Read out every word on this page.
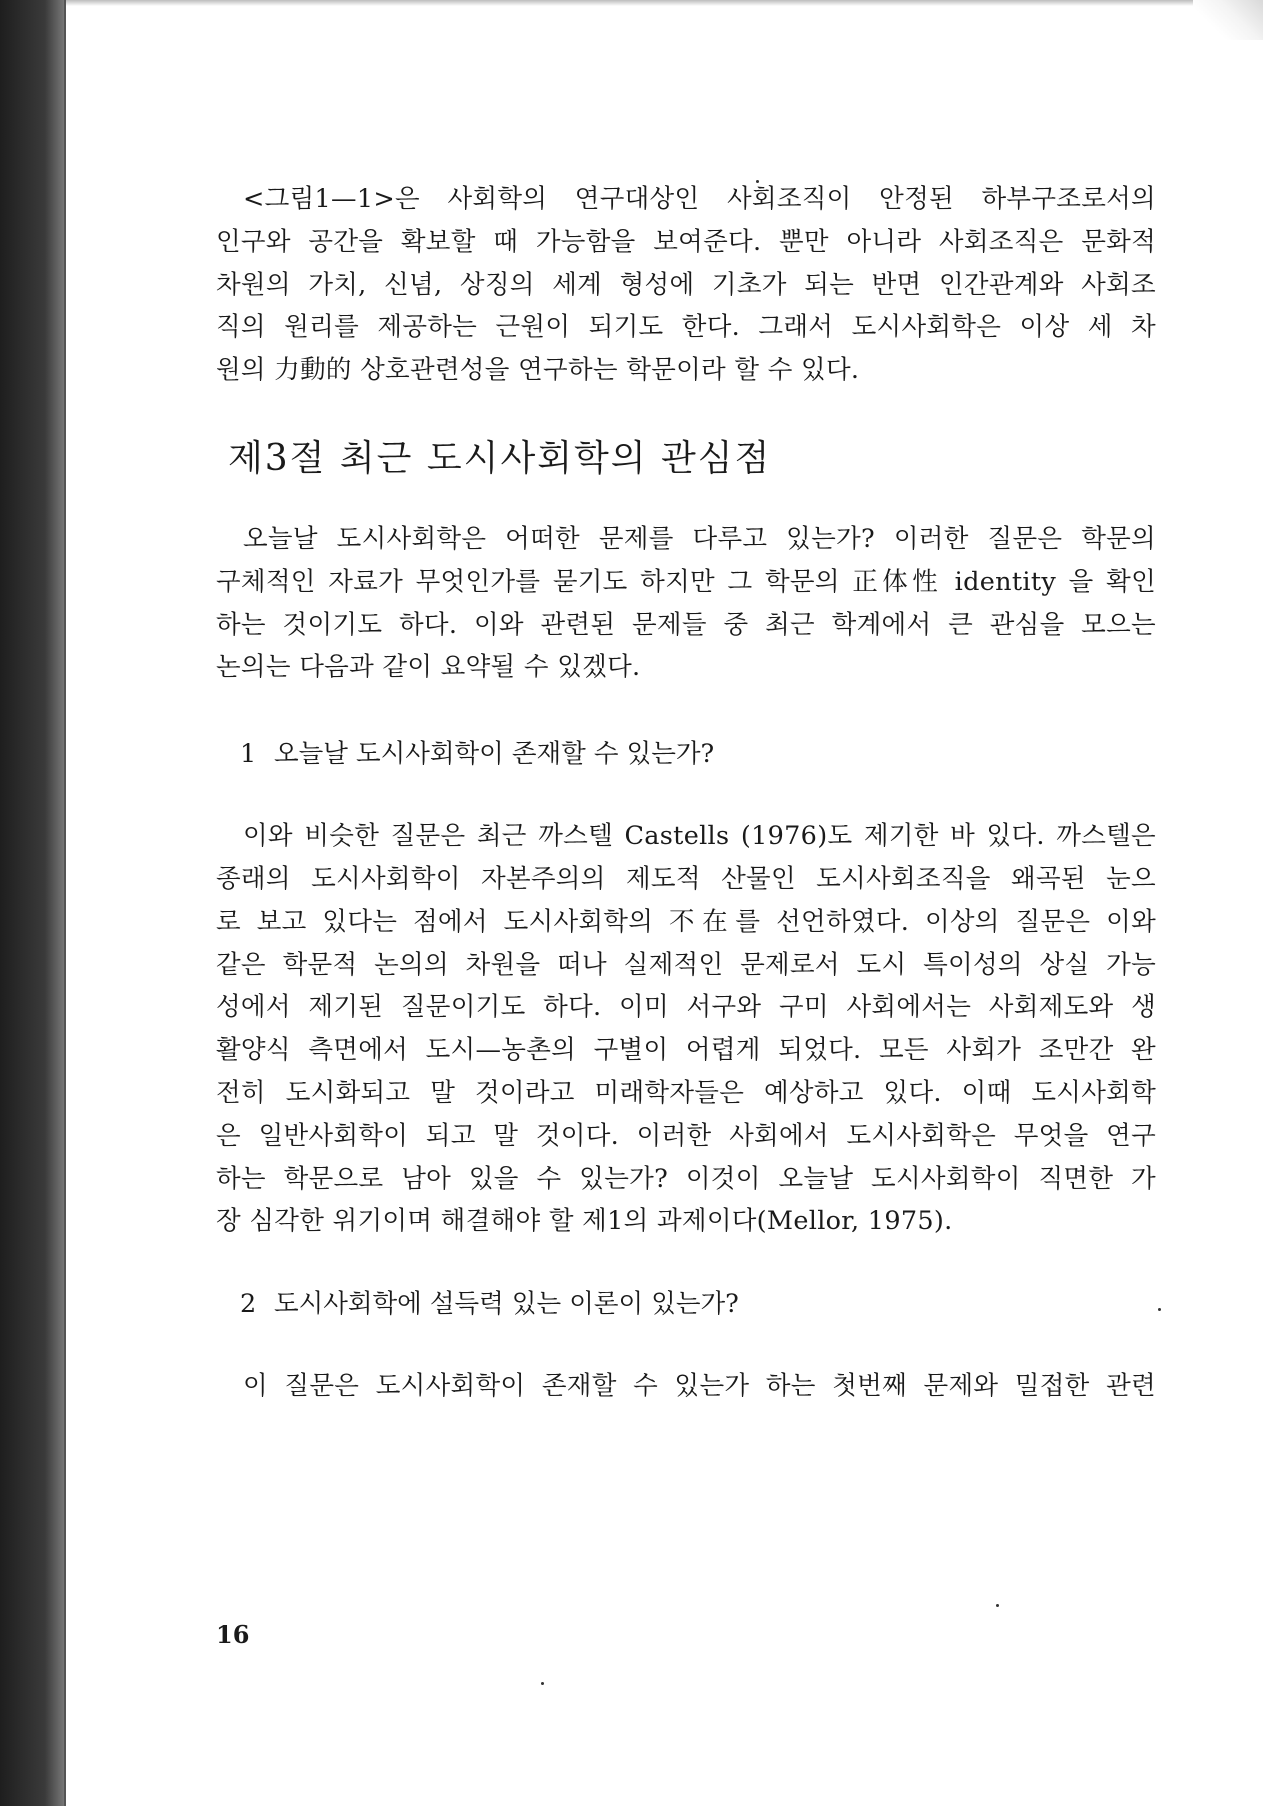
<그림1—1>은 사회학의 연구대상인 사회조직이 안정된 하부구조로서의
인구와 공간을 확보할 때 가능함을 보여준다. 뿐만 아니라 사회조직은 문화적
차원의 가치, 신념, 상징의 세계 형성에 기초가 되는 반면 인간관계와 사회조
직의 원리를 제공하는 근원이 되기도 한다. 그래서 도시사회학은 이상 세 차
원의 力動的 상호관련성을 연구하는 학문이라 할 수 있다.

제3절 최근 도시사회학의 관심점

오늘날 도시사회학은 어떠한 문제를 다루고 있는가? 이러한 질문은 학문의
구체적인 자료가 무엇인가를 묻기도 하지만 그 학문의 正体性 identity 을 확인
하는 것이기도 하다. 이와 관련된 문제들 중 최근 학계에서 큰 관심을 모으는
논의는 다음과 같이 요약될 수 있겠다.

1 오늘날 도시사회학이 존재할 수 있는가?

이와 비슷한 질문은 최근 까스텔 Castells (1976)도 제기한 바 있다. 까스텔은
종래의 도시사회학이 자본주의의 제도적 산물인 도시사회조직을 왜곡된 눈으
로 보고 있다는 점에서 도시사회학의 不在를 선언하였다. 이상의 질문은 이와
같은 학문적 논의의 차원을 떠나 실제적인 문제로서 도시 특이성의 상실 가능
성에서 제기된 질문이기도 하다. 이미 서구와 구미 사회에서는 사회제도와 생
활양식 측면에서 도시—농촌의 구별이 어렵게 되었다. 모든 사회가 조만간 완
전히 도시화되고 말 것이라고 미래학자들은 예상하고 있다. 이때 도시사회학
은 일반사회학이 되고 말 것이다. 이러한 사회에서 도시사회학은 무엇을 연구
하는 학문으로 남아 있을 수 있는가? 이것이 오늘날 도시사회학이 직면한 가
장 심각한 위기이며 해결해야 할 제1의 과제이다(Mellor, 1975).

2 도시사회학에 설득력 있는 이론이 있는가?

이 질문은 도시사회학이 존재할 수 있는가 하는 첫번째 문제와 밀접한 관련

16
